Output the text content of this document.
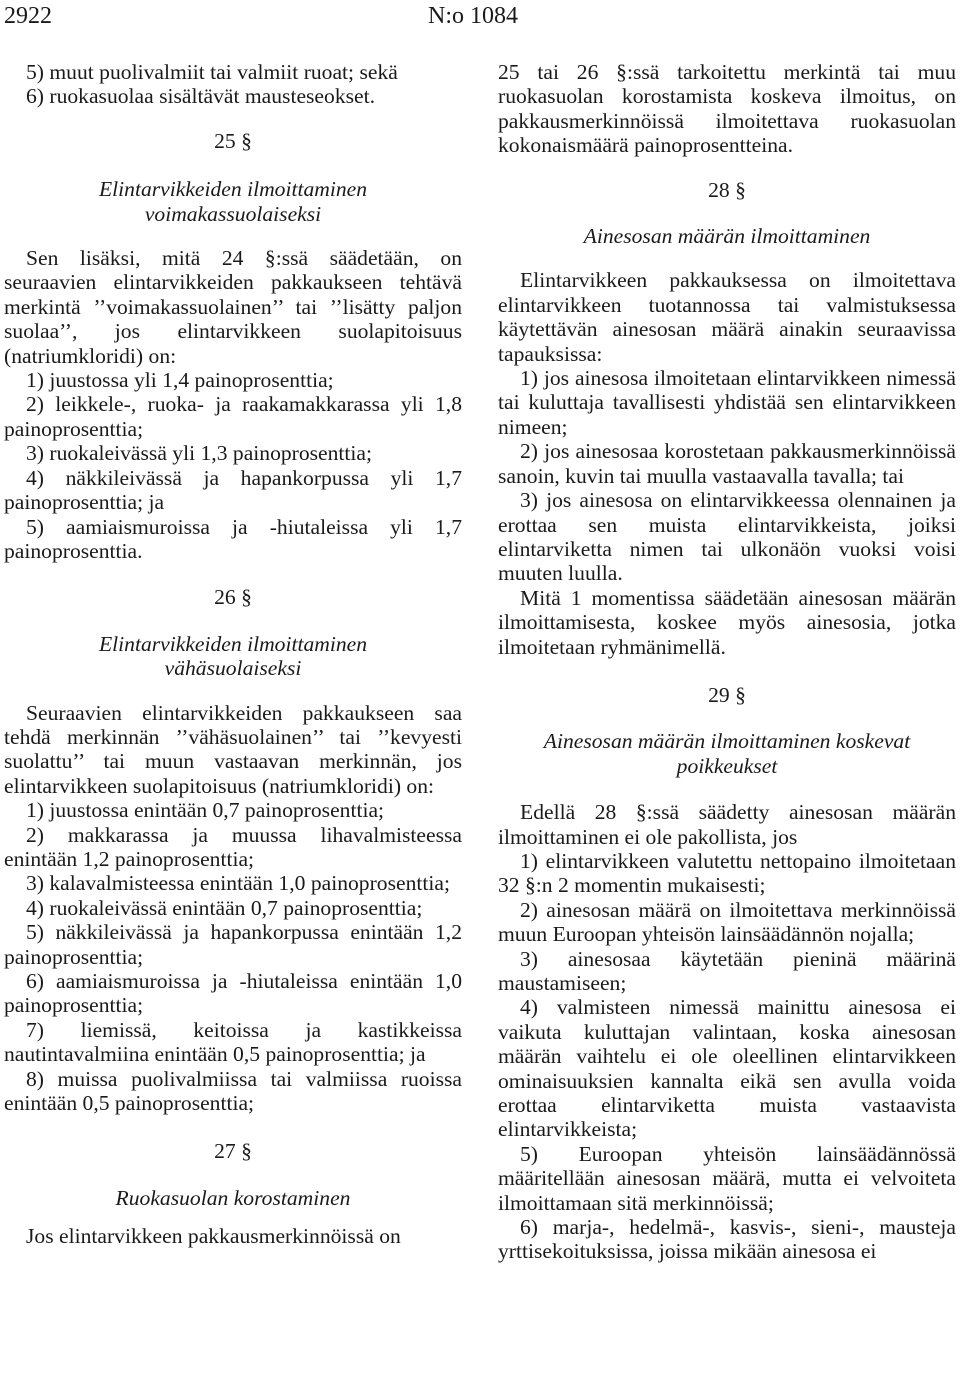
2922	N:o 1084

5) muut puolivalmiit tai valmiit ruoat; sekä

6) ruokasuolaa sisältävät mausteseokset.

25 §

Elintarvikkeiden ilmoittaminen voimakassuolaiseksi

Sen lisäksi, mitä 24 §:ssä säädetään, on seuraavien elintarvikkeiden pakkaukseen tehtävä merkintä ’’voimakassuolainen’’ tai ’’lisätty paljon suolaa’’, jos elintarvikkeen suolapitoisuus (natriumkloridi) on:

1) juustossa yli 1,4 painoprosenttia;

2) leikkele-, ruoka- ja raakamakkarassa yli 1,8 painoprosenttia;

3) ruokaleivässä yli 1,3 painoprosenttia;

4) näkkileivässä ja hapankorpussa yli 1,7 painoprosenttia; ja

5) aamiaismuroissa ja -hiutaleissa yli 1,7 painoprosenttia.

26 §

Elintarvikkeiden ilmoittaminen vähäsuolaiseksi

Seuraavien elintarvikkeiden pakkaukseen saa tehdä merkinnän ’’vähäsuolainen’’ tai ’’kevyesti suolattu’’ tai muun vastaavan merkinnän, jos elintarvikkeen suolapitoisuus (natriumkloridi) on:

1) juustossa enintään 0,7 painoprosenttia;

2) makkarassa ja muussa lihavalmisteessa enintään 1,2 painoprosenttia;

3) kalavalmisteessa enintään 1,0 painoprosenttia;

4) ruokaleivässä enintään 0,7 painoprosenttia;

5) näkkileivässä ja hapankorpussa enintään 1,2 painoprosenttia;

6) aamiaismuroissa ja -hiutaleissa enintään 1,0 painoprosenttia;

7) liemissä, keitoissa ja kastikkeissa nautintavalmiina enintään 0,5 painoprosenttia; ja

8) muissa puolivalmiissa tai valmiissa ruoissa enintään 0,5 painoprosenttia;

27 §

Ruokasuolan korostaminen

Jos elintarvikkeen pakkausmerkinnöissä on

25 tai 26 §:ssä tarkoitettu merkintä tai muu ruokasuolan korostamista koskeva ilmoitus, on pakkausmerkinnöissä ilmoitettava ruokasuolan kokonaismäärä painoprosentteina.

28 §

Ainesosan määrän ilmoittaminen

Elintarvikkeen pakkauksessa on ilmoitettava elintarvikkeen tuotannossa tai valmistuksessa käytettävän ainesosan määrä ainakin seuraavissa tapauksissa:

1) jos ainesosa ilmoitetaan elintarvikkeen nimessä tai kuluttaja tavallisesti yhdistää sen elintarvikkeen nimeen;

2) jos ainesosaa korostetaan pakkausmerkinnöissä sanoin, kuvin tai muulla vastaavalla tavalla; tai

3) jos ainesosa on elintarvikkeessa olennainen ja erottaa sen muista elintarvikkeista, joiksi elintarviketta nimen tai ulkonäön vuoksi voisi muuten luulla.

Mitä 1 momentissa säädetään ainesosan määrän ilmoittamisesta, koskee myös ainesosia, jotka ilmoitetaan ryhmänimellä.

29 §

Ainesosan määrän ilmoittaminen koskevat poikkeukset

Edellä 28 §:ssä säädetty ainesosan määrän ilmoittaminen ei ole pakollista, jos

1) elintarvikkeen valutettu nettopaino ilmoitetaan 32 §:n 2 momentin mukaisesti;

2) ainesosan määrä on ilmoitettava merkinnöissä muun Euroopan yhteisön lainsäädännön nojalla;

3) ainesosaa käytetään pieninä määrinä maustamiseen;

4) valmisteen nimessä mainittu ainesosa ei vaikuta kuluttajan valintaan, koska ainesosan määrän vaihtelu ei ole oleellinen elintarvikkeen ominaisuuksien kannalta eikä sen avulla voida erottaa elintarviketta muista vastaavista elintarvikkeista;

5) Euroopan yhteisön lainsäädännössä määritellään ainesosan määrä, mutta ei velvoiteta ilmoittamaan sitä merkinnöissä;

6) marja-, hedelmä-, kasvis-, sieni-, mausteja yrttisekoituksissa, joissa mikään ainesosa ei
